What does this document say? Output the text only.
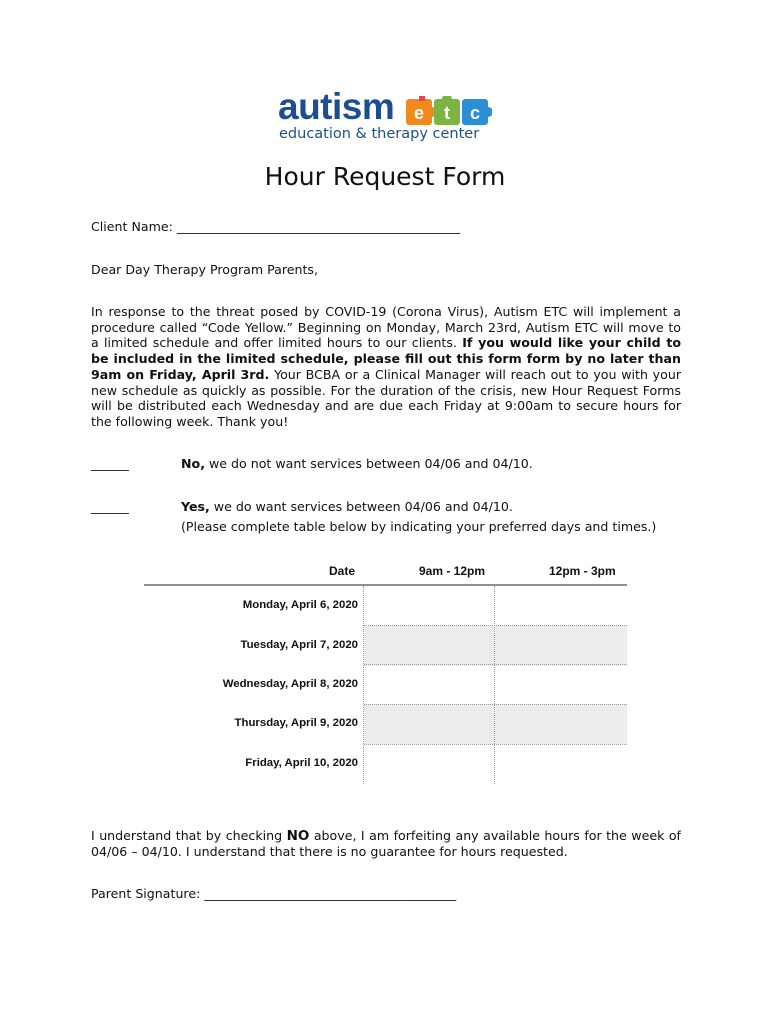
autism e t c
education & therapy center
Hour Request Form
Client Name: _____________________________________________
Dear Day Therapy Program Parents,
In response to the threat posed by COVID-19 (Corona Virus), Autism ETC will implement a procedure called “Code Yellow.” Beginning on Monday, March 23rd, Autism ETC will move to a limited schedule and offer limited hours to our clients. If you would like your child to be included in the limited schedule, please fill out this form form by no later than 9am on Friday, April 3rd. Your BCBA or a Clinical Manager will reach out to you with your new schedule as quickly as possible. For the duration of the crisis, new Hour Request Forms will be distributed each Wednesday and are due each Friday at 9:00am to secure hours for the following week. Thank you!
______	No, we do not want services between 04/06 and 04/10.
______	Yes, we do want services between 04/06 and 04/10.
(Please complete table below by indicating your preferred days and times.)
Date	9am - 12pm	12pm - 3pm
Monday, April 6, 2020
Tuesday, April 7, 2020
Wednesday, April 8, 2020
Thursday, April 9, 2020
Friday, April 10, 2020
I understand that by checking NO above, I am forfeiting any available hours for the week of 04/06 – 04/10. I understand that there is no guarantee for hours requested.
Parent Signature: ________________________________________
